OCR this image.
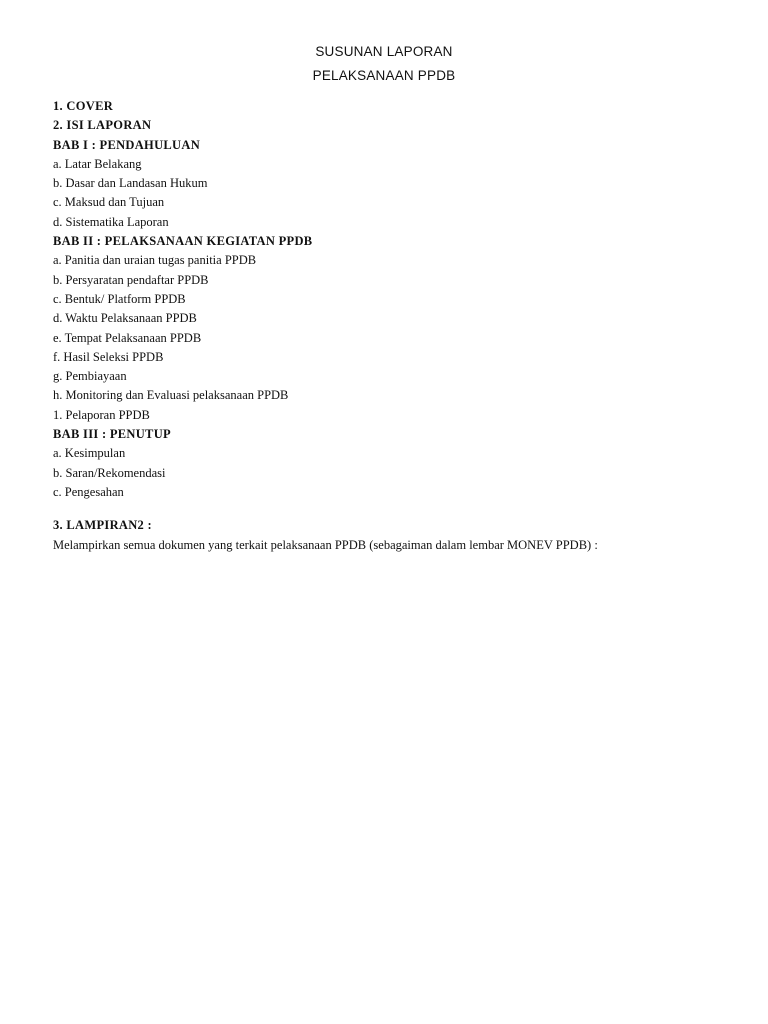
SUSUNAN LAPORAN
PELAKSANAAN PPDB
1. COVER
2. ISI LAPORAN
BAB I : PENDAHULUAN
a. Latar Belakang
b. Dasar dan Landasan Hukum
c. Maksud dan Tujuan
d. Sistematika Laporan
BAB II : PELAKSANAAN KEGIATAN PPDB
a. Panitia dan uraian tugas panitia PPDB
b. Persyaratan pendaftar PPDB
c. Bentuk/ Platform PPDB
d. Waktu Pelaksanaan PPDB
e. Tempat Pelaksanaan PPDB
f. Hasil Seleksi PPDB
g. Pembiayaan
h. Monitoring dan Evaluasi pelaksanaan PPDB
1. Pelaporan PPDB
BAB III : PENUTUP
a. Kesimpulan
b. Saran/Rekomendasi
c. Pengesahan
3. LAMPIRAN2 :
Melampirkan semua dokumen yang terkait pelaksanaan PPDB (sebagaiman dalam lembar MONEV PPDB) :
